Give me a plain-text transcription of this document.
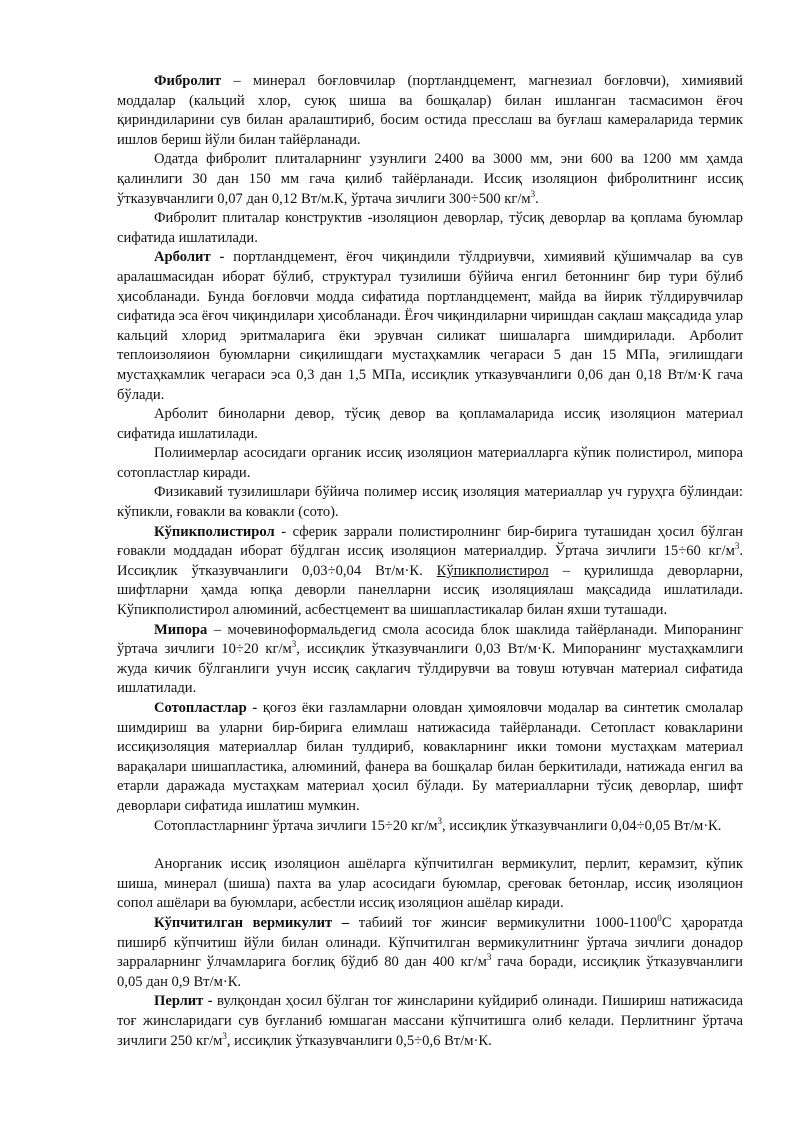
Фибролит – минерал боғловчилар (портландцемент, магнезиал боғловчи), химиявий моддалар (кальций хлор, суюқ шиша ва бошқалар) билан ишланган тасмасимон ёғоч қириндиларини сув билан аралаштириб, босим остида пресслаш ва буғлаш камераларида термик ишлов бериш йўли билан тайёрланади.

Одатда фибролит плиталарнинг узунлиги 2400 ва 3000 мм, эни 600 ва 1200 мм ҳамда қалинлиги 30 дан 150 мм гача қилиб тайёрланади. Иссиқ изоляцион фибролитнинг иссиқ ўтказувчанлиги 0,07 дан 0,12 Вт/м.К, ўртача зичлиги 300÷500 $кг/м^3$.

Фибролит плиталар конструктив -изоляцион деворлар, тўсиқ деворлар ва қоплама буюмлар сифатида ишлатилади.

Арболит - портландцемент, ёғоч чиқиндили тўлдриувчи, химиявий қўшимчалар ва сув аралашмасидан иборат бўлиб, структурал тузилиши бўйича енгил бетоннинг бир тури бўлиб ҳисобланади. Бунда боғловчи модда сифатида портландцемент, майда ва йирик тўлдирувчилар сифатида эса ёғоч чиқиндилари ҳисобланади. Ёғоч чиқиндиларни чиришдан сақлаш мақсадида улар кальций хлорид эритмаларига ёки эрувчан силикат шишаларга шимдирилади. Арболит теплоизоляион буюмларни сиқилишдаги мустаҳкамлик чегараси 5 дан 15 МПа, эгилишдаги мустаҳкамлик чегараси эса 0,3 дан 1,5 МПа, иссиқлик утказувчанлиги 0,06 дан 0,18 Вт/м·К гача бўлади.

Арболит биноларни девор, тўсиқ девор ва қопламаларида иссиқ изоляцион материал сифатида ишлатилади.

Полиимерлар асосидаги органик иссиқ изоляцион материалларга кўпик полистирол, мипора сотопластлар киради.

Физикавий тузилишлари бўйича полимер иссиқ изоляция материаллар уч гуруҳга бўлиндаи: кўпикли, ғовакли ва ковакли (сото).

Кўпикполистирол - сферик заррали полистиролнинг бир-бирига туташидан ҳосил бўлган ғовакли моддадан иборат бўдлган иссиқ изоляцион материалдир. Ўртача зичлиги 15÷60 $кг/м^3$. Иссиқлик ўтказувчанлиги 0,03÷0,04 Вт/м·К. Кўпикполистирол – қурилишда деворларни, шифтларни ҳамда юпқа деворли панелларни иссиқ изоляциялаш мақсадида ишлатилади. Кўпикполистирол алюминий, асбестцемент ва шишапластикалар билан яхши туташади.

Мипора – мочевиноформальдегид смола асосида блок шаклида тайёрланади. Мипоранинг ўртача зичлиги 10÷20 $кг/м^3$, иссиқлик ўтказувчанлиги 0,03 Вт/м·К. Мипоранинг мустаҳкамлиги жуда кичик бўлганлиги учун иссиқ сақлагич тўлдирувчи ва товуш ютувчан материал сифатида ишлатилади.

Сотопластлар - қоғоз ёки газламларни оловдан ҳимояловчи модалар ва синтетик смолалар шимдириш ва уларни бир-бирига елимлаш натижасида тайёрланади. Сетопласт ковакларини иссиқизоляция материаллар билан тулдириб, ковакларнинг икки томони мустаҳкам материал варақалари шишапластика, алюминий, фанера ва бошқалар билан беркитилади, натижада енгил ва етарли даражада мустаҳкам материал ҳосил бўлади. Бу материалларни тўсиқ деворлар, шифт деворлари сифатида ишлатиш мумкин.

Сотопластларнинг ўртача зичлиги 15÷20 $кг/м^3$, иссиқлик ўтказувчанлиги 0,04÷0,05 Вт/м·К.

Анорганик иссиқ изоляцион ашёларга кўпчитилган вермикулит, перлит, керамзит, кўпик шиша, минерал (шиша) пахта ва улар асосидаги буюмлар, среғовак бетонлар, иссиқ изоляцион сопол ашёлари ва буюмлари, асбестли иссиқ изоляцион ашёлар киради.

Кўпчитилган вермикулит – табиий тоғ жинсиғ вермикулитни 1000-1100$^0$С ҳароратда пиширб кўпчитиш йўли билан олинади. Кўпчитилган вермикулитнинг ўртача зичлиги донадор зарраларнинг ўлчамларига боғлиқ бўдиб 80 дан 400 $кг/м^3$ гача боради, иссиқлик ўтказувчанлиги 0,05 дан 0,9 Вт/м·К.

Перлит - вулқондан ҳосил бўлган тоғ жинсларини куйдириб олинади. Пишириш натижасида тоғ жинсларидаги сув буғланиб юмшаган массани кўпчитишга олиб келади. Перлитнинг ўртача зичлиги 250 $кг/м^3$, иссиқлик ўтказувчанлиги 0,5÷0,6 Вт/м·К.
